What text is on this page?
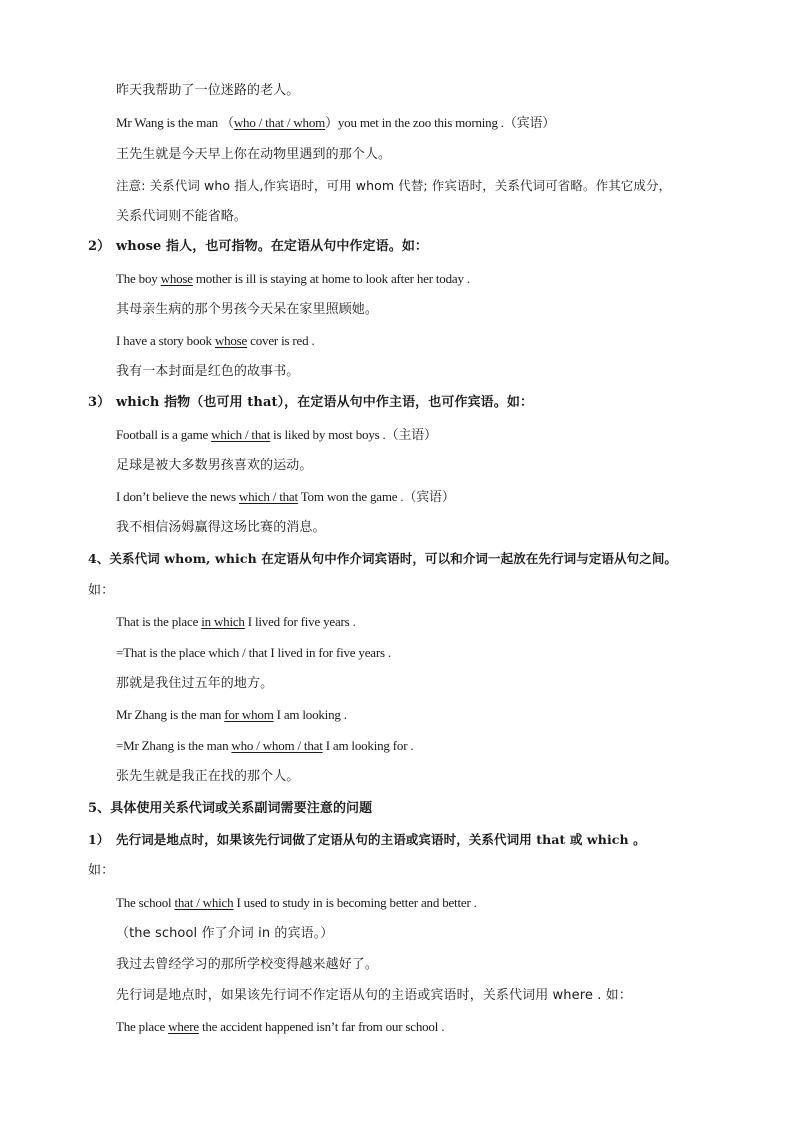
昨天我帮助了一位迷路的老人。
Mr Wang is the man （who / that / whom）you met in the zoo this morning .（宾语）
王先生就是今天早上你在动物里遇到的那个人。
注意: 关系代词 who 指人,作宾语时，可用 whom 代替; 作宾语时，关系代词可省略。作其它成分，
关系代词则不能省略。
2） whose 指人，也可指物。在定语从句中作定语。如：
The boy whose mother is ill is staying at home to look after her today .
其母亲生病的那个男孩今天呆在家里照顾她。
I have a story book whose cover is red .
我有一本封面是红色的故事书。
3） which 指物（也可用 that），在定语从句中作主语，也可作宾语。如：
Football is a game which / that is liked by most boys .（主语）
足球是被大多数男孩喜欢的运动。
I don’t believe the news which / that Tom won the game .（宾语）
我不相信汤姆赢得这场比赛的消息。
4、关系代词 whom, which 在定语从句中作介词宾语时，可以和介词一起放在先行词与定语从句之间。
如：
That is the place in which I lived for five years .
=That is the place which / that I lived in for five years .
那就是我住过五年的地方。
Mr Zhang is the man for whom I am looking .
=Mr Zhang is the man who / whom / that I am looking for .
张先生就是我正在找的那个人。
5、具体使用关系代词或关系副词需要注意的问题
1） 先行词是地点时，如果该先行词做了定语从句的主语或宾语时，关系代词用 that 或 which 。
如：
The school that / which I used to study in is becoming better and better .
（the school 作了介词 in 的宾语。）
我过去曾经学习的那所学校变得越来越好了。
先行词是地点时，如果该先行词不作定语从句的主语或宾语时，关系代词用 where . 如：
The place where the accident happened isn’t far from our school .
